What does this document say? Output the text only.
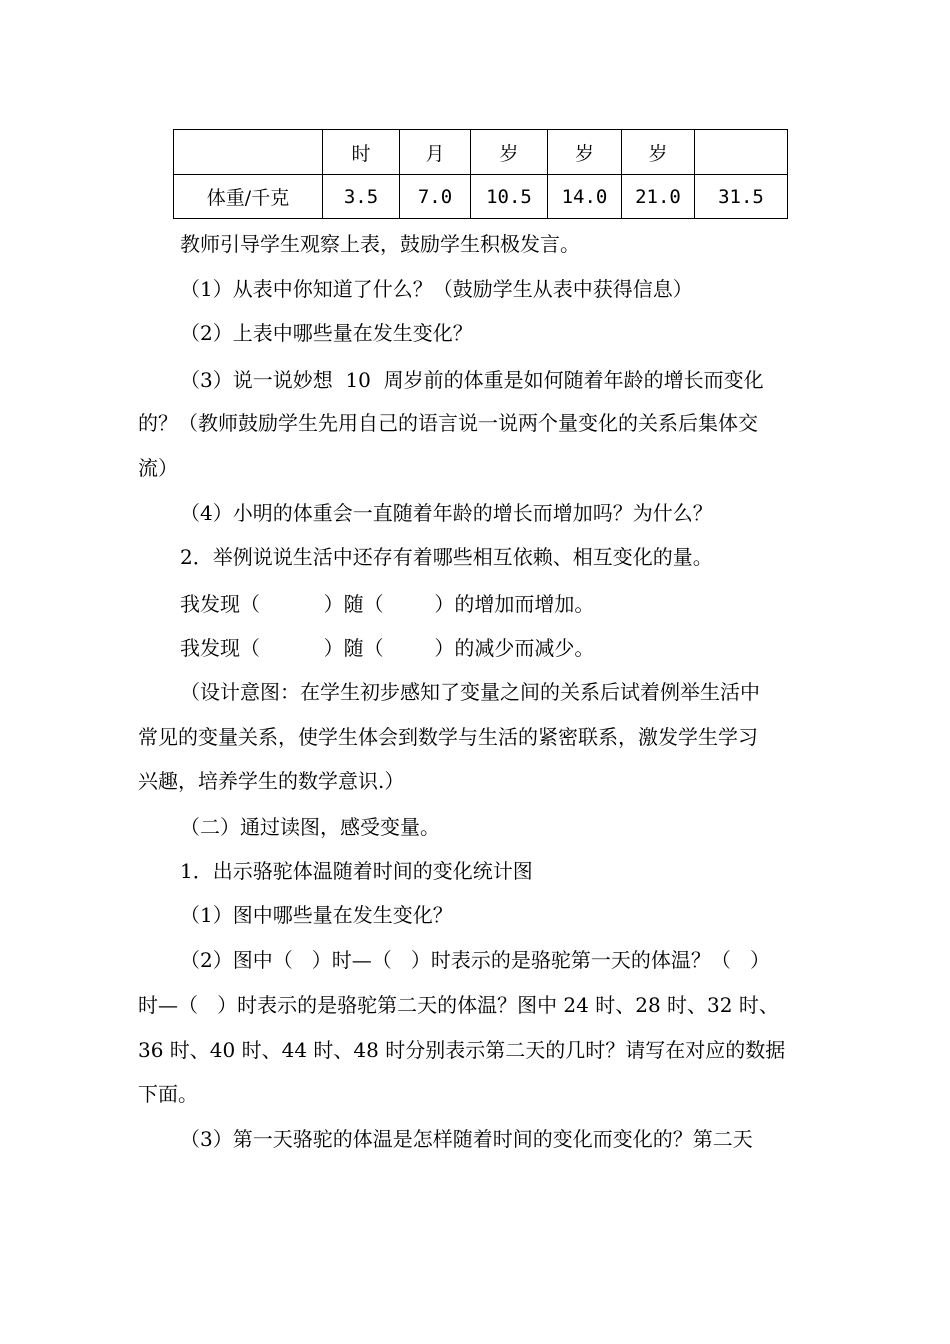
	时	月	岁	岁	岁	
体重/千克	3.5	7.0	10.5	14.0	21.0	31.5
教师引导学生观察上表，鼓励学生积极发言。
（1）从表中你知道了什么？（鼓励学生从表中获得信息）
（2）上表中哪些量在发生变化？
（3）说一说妙想  10  周岁前的体重是如何随着年龄的增长而变化
的？（教师鼓励学生先用自己的语言说一说两个量变化的关系后集体交
流）
（4）小明的体重会一直随着年龄的增长而增加吗？为什么？
2．举例说说生活中还存有着哪些相互依赖、相互变化的量。
我发现（          ）随（        ）的增加而增加。
我发现（          ）随（        ）的减少而减少。
（设计意图：在学生初步感知了变量之间的关系后试着例举生活中
常见的变量关系，使学生体会到数学与生活的紧密联系，激发学生学习
兴趣，培养学生的数学意识.）
（二）通过读图，感受变量。
1．出示骆驼体温随着时间的变化统计图
（1）图中哪些量在发生变化？
（2）图中（   ）时—（   ）时表示的是骆驼第一天的体温？（   ）
时—（   ）时表示的是骆驼第二天的体温？图中 24 时、28 时、32 时、
36 时、40 时、44 时、48 时分别表示第二天的几时？请写在对应的数据
下面。
（3）第一天骆驼的体温是怎样随着时间的变化而变化的？第二天
